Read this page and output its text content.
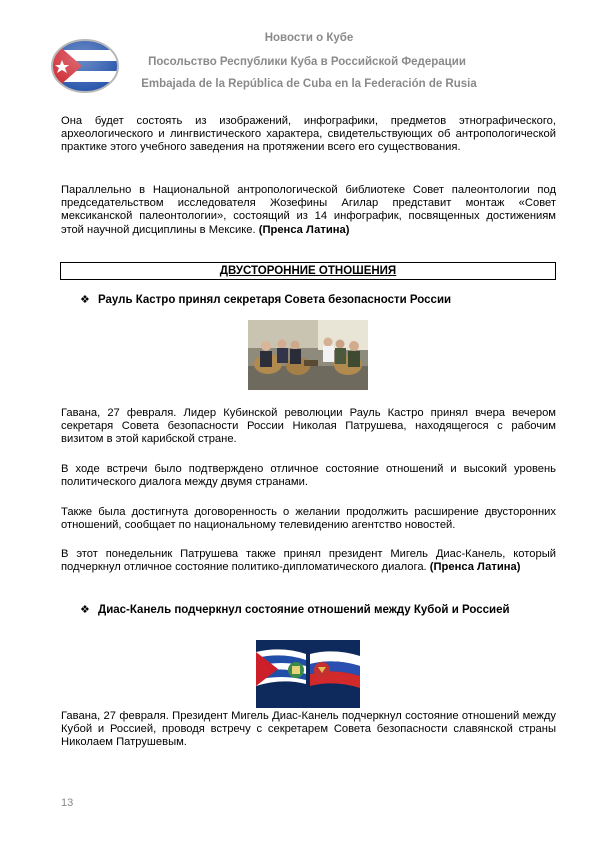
Новости о Кубе
Посольство Республики Куба в Российской Федерации
Embajada de la República de Cuba en la Federación de Rusia
Она будет состоять из изображений, инфографики, предметов этнографического, археологического и лингвистического характера, свидетельствующих об антропологической практике этого учебного заведения на протяжении всего его существования.
Параллельно в Национальной антропологической библиотеке Совет палеонтологии под председательством исследователя Жозефины Агилар представит монтаж «Совет мексиканской палеонтологии», состоящий из 14 инфографик, посвященных достижениям этой научной дисциплины в Мексике. (Пренса Латина)
ДВУСТОРОННИЕ ОТНОШЕНИЯ
❖ Рауль Кастро принял секретаря Совета безопасности России
Гавана, 27 февраля. Лидер Кубинской революции Рауль Кастро принял вчера вечером секретаря Совета безопасности России Николая Патрушева, находящегося с рабочим визитом в этой карибской стране.
В ходе встречи было подтверждено отличное состояние отношений и высокий уровень политического диалога между двумя странами.
Также была достигнута договоренность о желании продолжить расширение двусторонних отношений, сообщает по национальному телевидению агентство новостей.
В этот понедельник Патрушева также принял президент Мигель Диас-Канель, который подчеркнул отличное состояние политико-дипломатического диалога. (Пренса Латина)
❖ Диас-Канель подчеркнул состояние отношений между Кубой и Россией
Гавана, 27 февраля. Президент Мигель Диас-Канель подчеркнул состояние отношений между Кубой и Россией, проводя встречу с секретарем Совета безопасности славянской страны Николаем Патрушевым.
13
